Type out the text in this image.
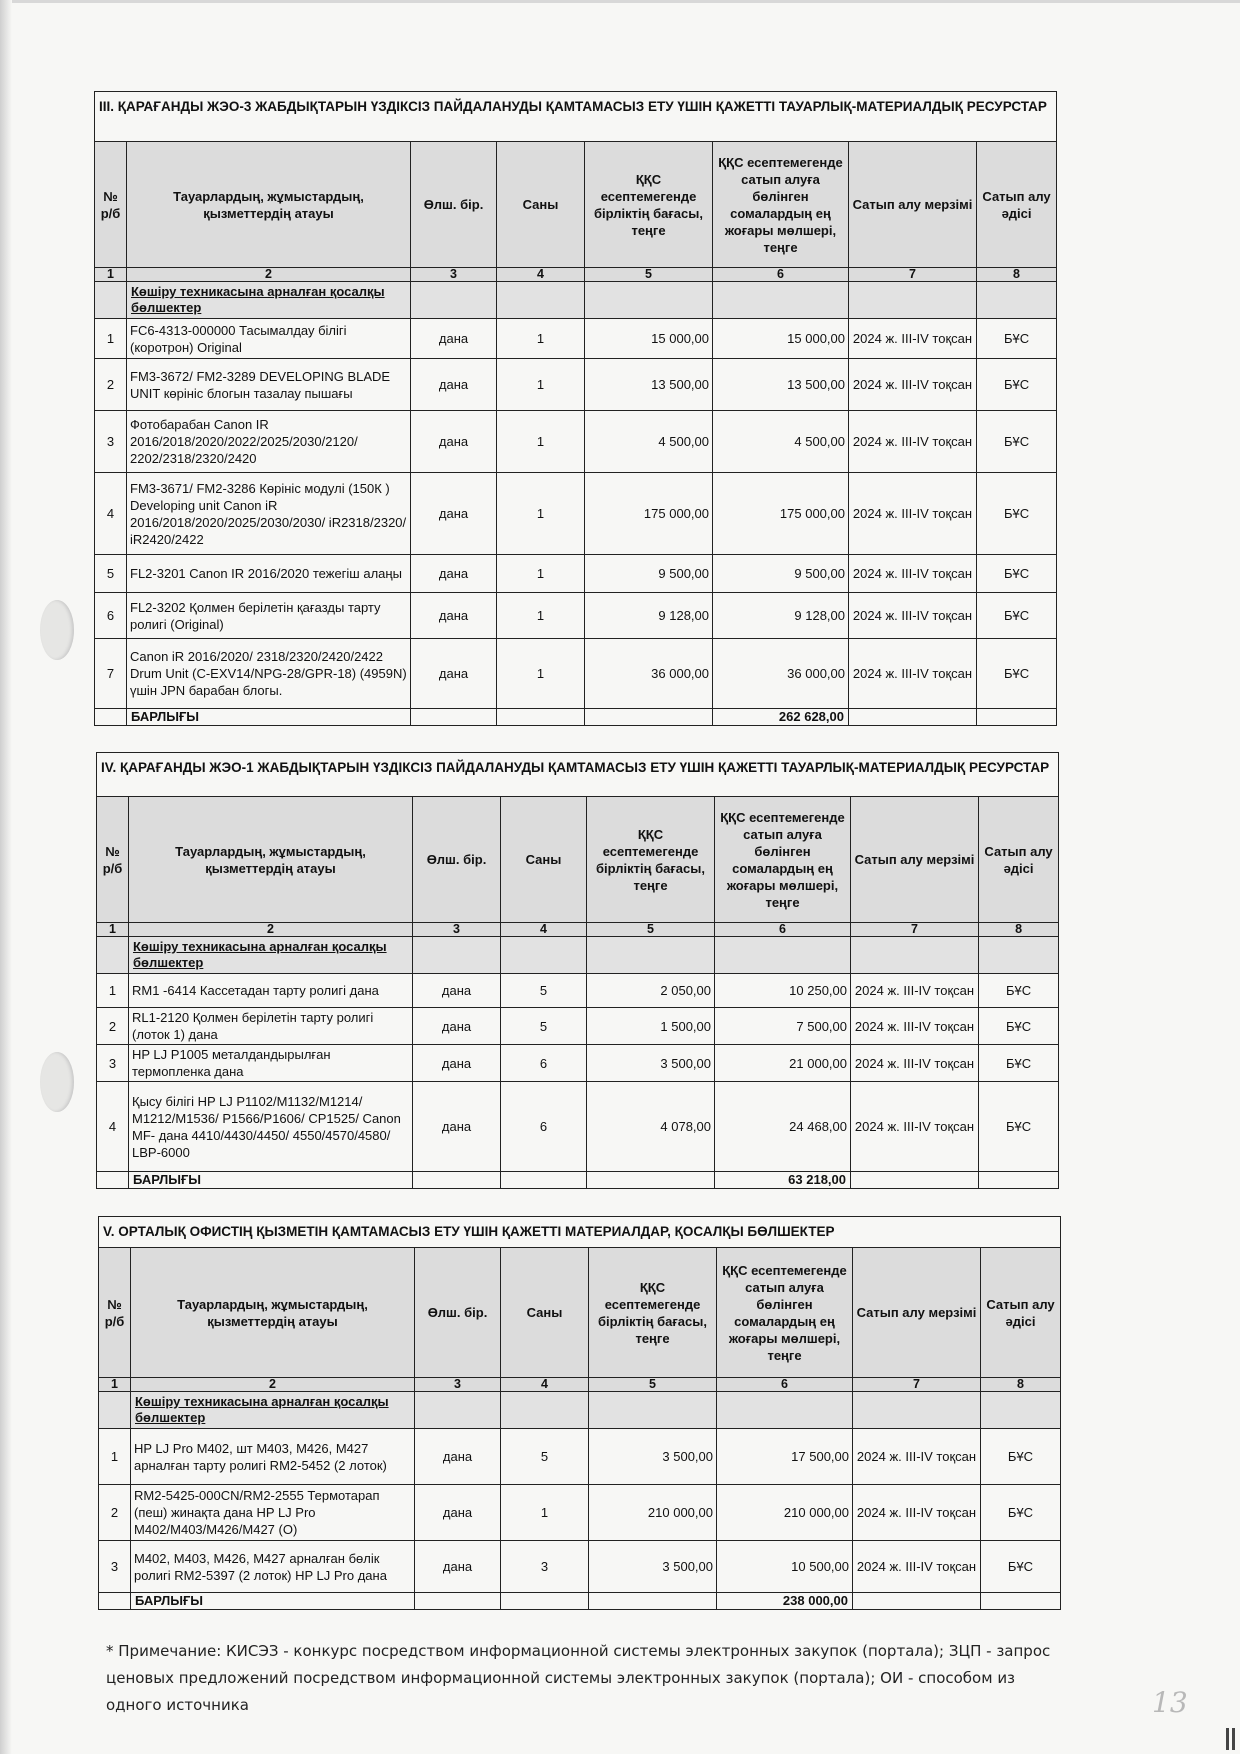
III. ҚАРАҒАНДЫ ЖЭО-3 ЖАБДЫҚТАРЫН ҮЗДІКСІЗ ПАЙДАЛАНУДЫ ҚАМТАМАСЫЗ ЕТУ ҮШІН ҚАЖЕТТІ ТАУАРЛЫҚ-МАТЕРИАЛДЫҚ РЕСУРСТАР							
№ р/б	Тауарлардың, жұмыстардың, қызметтердің атауы	Өлш. бір.	Саны	ҚҚС есептемегенде бірліктің бағасы, теңге	ҚҚС есептемегенде сатып алуға бөлінген сомалардың ең жоғары мөлшері, теңге	Сатып алу мерзімі	Сатып алу әдісі
1	2	3	4	5	6	7	8
	Көшіру техникасына арналған қосалқы бөлшектер						
1	FC6-4313-000000 Тасымалдау білігі (коротрон) Original	дана	1	15 000,00	15 000,00	2024 ж. III-IV тоқсан	БҰС
2	FM3-3672/ FM2-3289 DEVELOPING BLADE UNIT көрініс блогын тазалау пышағы	дана	1	13 500,00	13 500,00	2024 ж. III-IV тоқсан	БҰС
3	Фотобарабан Canon IR 2016/2018/2020/2022/2025/2030/2120/ 2202/2318/2320/2420	дана	1	4 500,00	4 500,00	2024 ж. III-IV тоқсан	БҰС
4	FM3-3671/ FM2-3286 Көрініс модулі (150К ) Developing unit Canon iR 2016/2018/2020/2025/2030/2030/ iR2318/2320/ iR2420/2422	дана	1	175 000,00	175 000,00	2024 ж. III-IV тоқсан	БҰС
5	FL2-3201 Canon IR 2016/2020 тежегіш алаңы	дана	1	9 500,00	9 500,00	2024 ж. III-IV тоқсан	БҰС
6	FL2-3202 Қолмен берілетін қағазды тарту ролигі (Original)	дана	1	9 128,00	9 128,00	2024 ж. III-IV тоқсан	БҰС
7	Canon iR 2016/2020/ 2318/2320/2420/2422 Drum Unit (C-EXV14/NPG-28/GPR-18) (4959N) үшін JPN барабан блогы.	дана	1	36 000,00	36 000,00	2024 ж. III-IV тоқсан	БҰС
	БАРЛЫҒЫ				262 628,00		
IV. ҚАРАҒАНДЫ ЖЭО-1 ЖАБДЫҚТАРЫН ҮЗДІКСІЗ ПАЙДАЛАНУДЫ ҚАМТАМАСЫЗ ЕТУ ҮШІН ҚАЖЕТТІ ТАУАРЛЫҚ-МАТЕРИАЛДЫҚ РЕСУРСТАР							
№ р/б	Тауарлардың, жұмыстардың, қызметтердің атауы	Өлш. бір.	Саны	ҚҚС есептемегенде бірліктің бағасы, теңге	ҚҚС есептемегенде сатып алуға бөлінген сомалардың ең жоғары мөлшері, теңге	Сатып алу мерзімі	Сатып алу әдісі
1	2	3	4	5	6	7	8
	Көшіру техникасына арналған қосалқы бөлшектер						
1	RM1 -6414 Кассетадан тарту ролигі дана	дана	5	2 050,00	10 250,00	2024 ж. III-IV тоқсан	БҰС
2	RL1-2120 Қолмен берілетін тарту ролигі (лоток 1) дана	дана	5	1 500,00	7 500,00	2024 ж. III-IV тоқсан	БҰС
3	HP LJ P1005 металдандырылған термопленка дана	дана	6	3 500,00	21 000,00	2024 ж. III-IV тоқсан	БҰС
4	Қысу білігі HP LJ P1102/M1132/M1214/ M1212/M1536/ P1566/P1606/ CP1525/ Canon MF- дана 4410/4430/4450/ 4550/4570/4580/ LBP-6000	дана	6	4 078,00	24 468,00	2024 ж. III-IV тоқсан	БҰС
	БАРЛЫҒЫ				63 218,00		
V. ОРТАЛЫҚ ОФИСТІҢ ҚЫЗМЕТІН ҚАМТАМАСЫЗ ЕТУ ҮШІН ҚАЖЕТТІ МАТЕРИАЛДАР, ҚОСАЛҚЫ БӨЛШЕКТЕР							
№ р/б	Тауарлардың, жұмыстардың, қызметтердің атауы	Өлш. бір.	Саны	ҚҚС есептемегенде бірліктің бағасы, теңге	ҚҚС есептемегенде сатып алуға бөлінген сомалардың ең жоғары мөлшері, теңге	Сатып алу мерзімі	Сатып алу әдісі
1	2	3	4	5	6	7	8
	Көшіру техникасына арналған қосалқы бөлшектер						
1	HP LJ Pro M402, шт M403, M426, M427 арналған тарту ролигі RM2-5452 (2 лоток)	дана	5	3 500,00	17 500,00	2024 ж. III-IV тоқсан	БҰС
2	RM2-5425-000CN/RM2-2555 Термотарап (пеш) жинақта дана HP LJ Pro M402/M403/M426/M427 (O)	дана	1	210 000,00	210 000,00	2024 ж. III-IV тоқсан	БҰС
3	M402, M403, M426, M427 арналған бөлік ролигі RM2-5397 (2 лоток) HP LJ Pro дана	дана	3	3 500,00	10 500,00	2024 ж. III-IV тоқсан	БҰС
	БАРЛЫҒЫ				238 000,00		
* Примечание: КИСЭЗ - конкурс посредством информационной системы электронных закупок (портала); ЗЦП - запрос ценовых предложений посредством информационной системы электронных закупок (портала); ОИ - способом из одного источника	13
